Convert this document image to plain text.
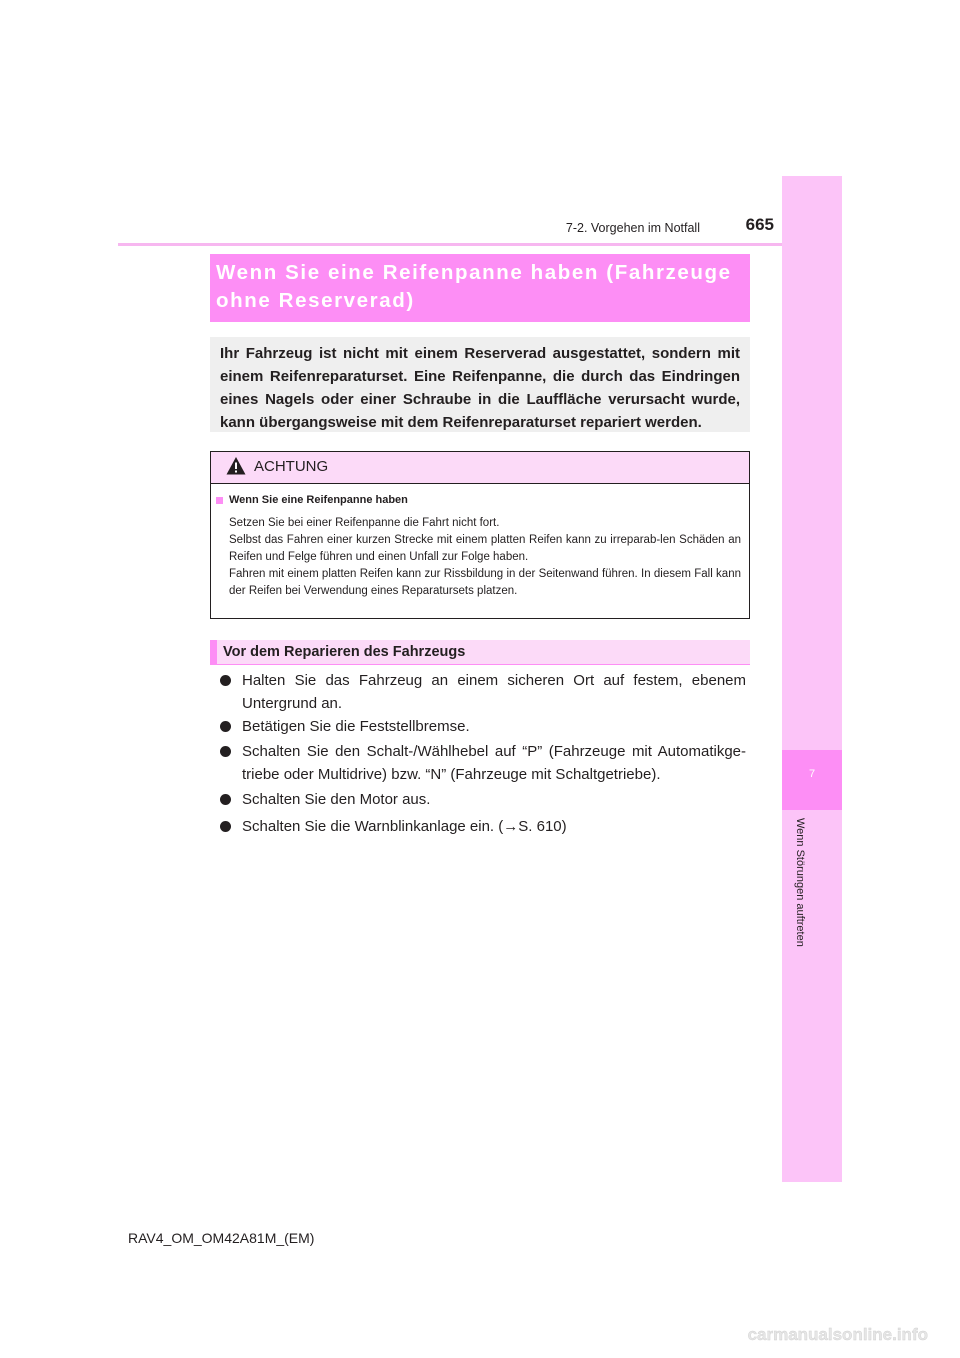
665
7-2. Vorgehen im Notfall
7
Wenn Störungen auftreten
Wenn Sie eine Reifenpanne haben (Fahrzeuge
ohne Reserverad)
Ihr Fahrzeug ist nicht mit einem Reserverad ausgestattet, sondern mit einem Reifenreparaturset. Eine Reifenpanne, die durch das Eindringen eines Nagels oder einer Schraube in die Lauffläche verursacht wurde, kann übergangsweise mit dem Reifenreparaturset repariert werden.
ACHTUNG
Wenn Sie eine Reifenpanne haben
Setzen Sie bei einer Reifenpanne die Fahrt nicht fort.
Selbst das Fahren einer kurzen Strecke mit einem platten Reifen kann zu irreparab-len Schäden an Reifen und Felge führen und einen Unfall zur Folge haben.
Fahren mit einem platten Reifen kann zur Rissbildung in der Seitenwand führen. In diesem Fall kann der Reifen bei Verwendung eines Reparatursets platzen.
Vor dem Reparieren des Fahrzeugs
Halten Sie das Fahrzeug an einem sicheren Ort auf festem, ebenem Untergrund an.
Betätigen Sie die Feststellbremse.
Schalten Sie den Schalt-/Wählhebel auf “P” (Fahrzeuge mit Automatikge-triebe oder Multidrive) bzw. “N” (Fahrzeuge mit Schaltgetriebe).
Schalten Sie den Motor aus.
Schalten Sie die Warnblinkanlage ein. (→S. 610)
RAV4_OM_OM42A81M_(EM)
carmanualsonline.info
